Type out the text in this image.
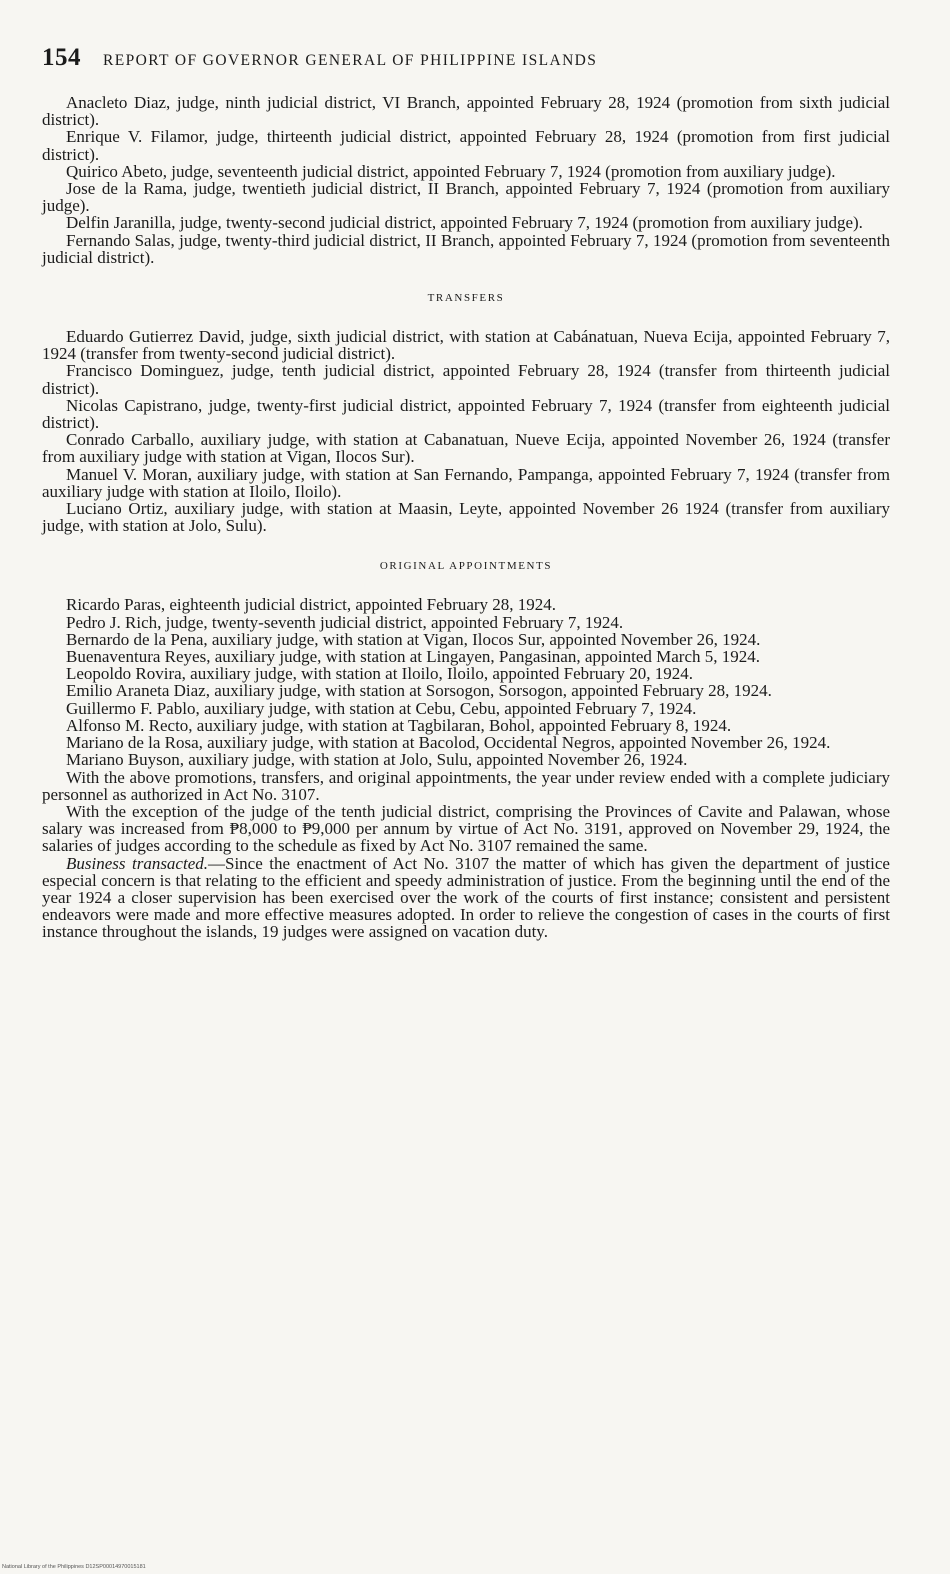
154 REPORT OF GOVERNOR GENERAL OF PHILIPPINE ISLANDS

Anacleto Diaz, judge, ninth judicial district, VI Branch, appointed February 28, 1924 (promotion from sixth judicial district).

Enrique V. Filamor, judge, thirteenth judicial district, appointed February 28, 1924 (promotion from first judicial district).

Quirico Abeto, judge, seventeenth judicial district, appointed February 7, 1924 (promotion from auxiliary judge).

Jose de la Rama, judge, twentieth judicial district, II Branch, appointed February 7, 1924 (promotion from auxiliary judge).

Delfin Jaranilla, judge, twenty-second judicial district, appointed February 7, 1924 (promotion from auxiliary judge).

Fernando Salas, judge, twenty-third judicial district, II Branch, appointed February 7, 1924 (promotion from seventeenth judicial district).

TRANSFERS

Eduardo Gutierrez David, judge, sixth judicial district, with station at Cabánatuan, Nueva Ecija, appointed February 7, 1924 (transfer from twenty-second judicial district).

Francisco Dominguez, judge, tenth judicial district, appointed February 28, 1924 (transfer from thirteenth judicial district).

Nicolas Capistrano, judge, twenty-first judicial district, appointed February 7, 1924 (transfer from eighteenth judicial district).

Conrado Carballo, auxiliary judge, with station at Cabanatuan, Nueve Ecija, appointed November 26, 1924 (transfer from auxiliary judge with station at Vigan, Ilocos Sur).

Manuel V. Moran, auxiliary judge, with station at San Fernando, Pampanga, appointed February 7, 1924 (transfer from auxiliary judge with station at Iloilo, Iloilo).

Luciano Ortiz, auxiliary judge, with station at Maasin, Leyte, appointed November 26 1924 (transfer from auxiliary judge, with station at Jolo, Sulu).

ORIGINAL APPOINTMENTS

Ricardo Paras, eighteenth judicial district, appointed February 28, 1924.

Pedro J. Rich, judge, twenty-seventh judicial district, appointed February 7, 1924.

Bernardo de la Pena, auxiliary judge, with station at Vigan, Ilocos Sur, appointed November 26, 1924.

Buenaventura Reyes, auxiliary judge, with station at Lingayen, Pangasinan, appointed March 5, 1924.

Leopoldo Rovira, auxiliary judge, with station at Iloilo, Iloilo, appointed February 20, 1924.

Emilio Araneta Diaz, auxiliary judge, with station at Sorsogon, Sorsogon, appointed February 28, 1924.

Guillermo F. Pablo, auxiliary judge, with station at Cebu, Cebu, appointed February 7, 1924.

Alfonso M. Recto, auxiliary judge, with station at Tagbilaran, Bohol, appointed February 8, 1924.

Mariano de la Rosa, auxiliary judge, with station at Bacolod, Occidental Negros, appointed November 26, 1924.

Mariano Buyson, auxiliary judge, with station at Jolo, Sulu, appointed November 26, 1924.

With the above promotions, transfers, and original appointments, the year under review ended with a complete judiciary personnel as authorized in Act No. 3107.

With the exception of the judge of the tenth judicial district, comprising the Provinces of Cavite and Palawan, whose salary was increased from ₱8,000 to ₱9,000 per annum by virtue of Act No. 3191, approved on November 29, 1924, the salaries of judges according to the schedule as fixed by Act No. 3107 remained the same.

Business transacted.—Since the enactment of Act No. 3107 the matter of which has given the department of justice especial concern is that relating to the efficient and speedy administration of justice. From the beginning until the end of the year 1924 a closer supervision has been exercised over the work of the courts of first instance; consistent and persistent endeavors were made and more effective measures adopted. In order to relieve the congestion of cases in the courts of first instance throughout the islands, 19 judges were assigned on vacation duty.

National Library of the Philippines D12SP00014970015181
